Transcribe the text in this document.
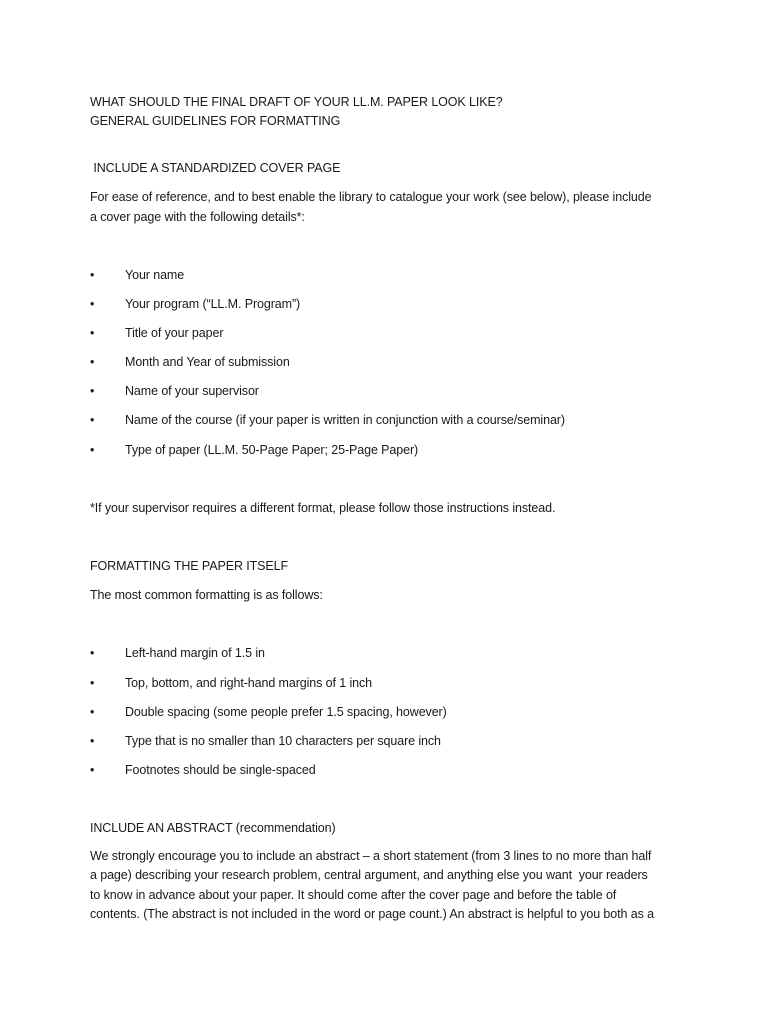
WHAT SHOULD THE FINAL DRAFT OF YOUR LL.M. PAPER LOOK LIKE?
GENERAL GUIDELINES FOR FORMATTING
INCLUDE A STANDARDIZED COVER PAGE
For ease of reference, and to best enable the library to catalogue your work (see below), please include
a cover page with the following details*:
•	Your name
•	Your program (“LL.M. Program”)
•	Title of your paper
•	Month and Year of submission
•	Name of your supervisor
•	Name of the course (if your paper is written in conjunction with a course/seminar)
•	Type of paper (LL.M. 50-Page Paper; 25-Page Paper)
*If your supervisor requires a different format, please follow those instructions instead.
FORMATTING THE PAPER ITSELF
The most common formatting is as follows:
•	Left-hand margin of 1.5 in
•	Top, bottom, and right-hand margins of 1 inch
•	Double spacing (some people prefer 1.5 spacing, however)
•	Type that is no smaller than 10 characters per square inch
•	Footnotes should be single-spaced
INCLUDE AN ABSTRACT (recommendation)
We strongly encourage you to include an abstract – a short statement (from 3 lines to no more than half
a page) describing your research problem, central argument, and anything else you want  your readers
to know in advance about your paper. It should come after the cover page and before the table of
contents. (The abstract is not included in the word or page count.) An abstract is helpful to you both as a
